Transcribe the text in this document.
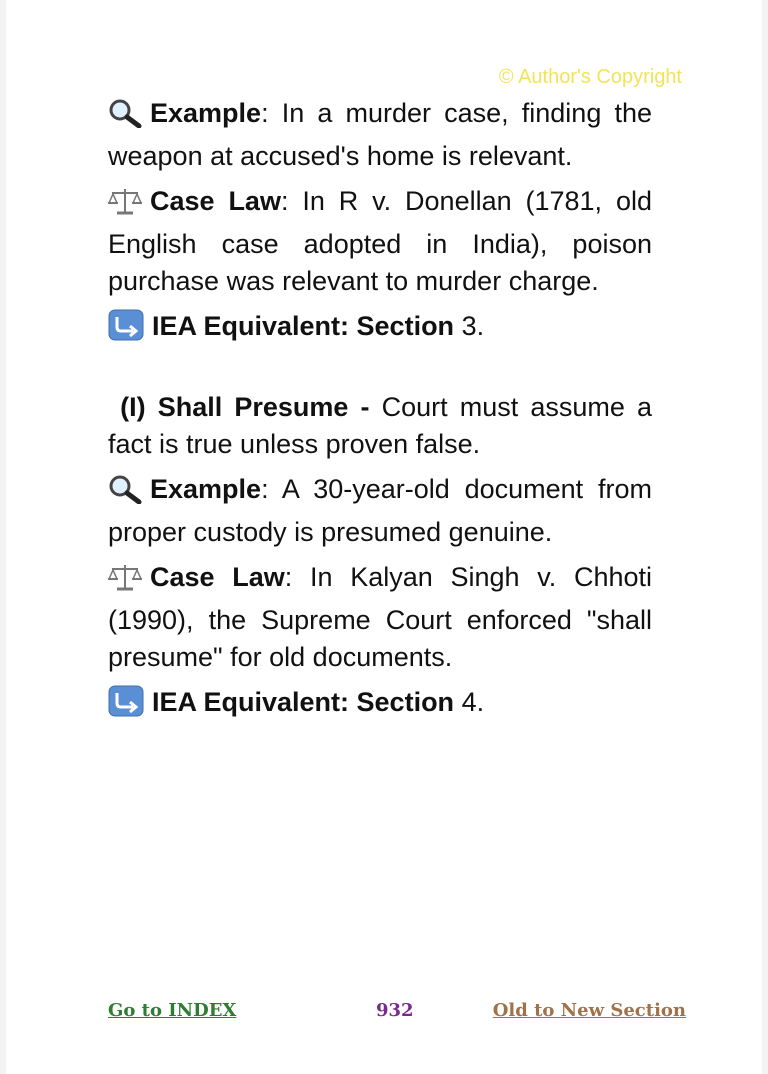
© Author's Copyright

Example: In a murder case, finding the weapon at accused's home is relevant.

Case Law: In R v. Donellan (1781, old English case adopted in India), poison purchase was relevant to murder charge.

IEA Equivalent: Section 3.

(I) Shall Presume - Court must assume a fact is true unless proven false.

Example: A 30-year-old document from proper custody is presumed genuine.

Case Law: In Kalyan Singh v. Chhoti (1990), the Supreme Court enforced "shall presume" for old documents.

IEA Equivalent: Section 4.

Go to INDEX	932	Old to New Section
